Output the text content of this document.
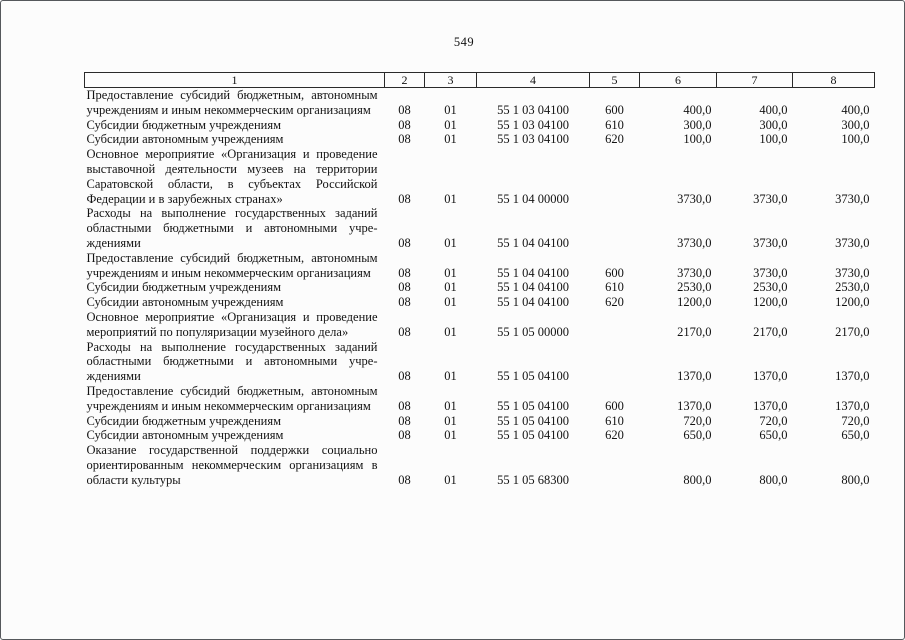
549
1	2	3	4	5	6	7	8
Предоставление субсидий бюджетным, автономным учреждениям и иным некоммерческим организациям	08	01	55 1 03 04100	600	400,0	400,0	400,0
Субсидии бюджетным учреждениям	08	01	55 1 03 04100	610	300,0	300,0	300,0
Субсидии автономным учреждениям	08	01	55 1 03 04100	620	100,0	100,0	100,0
Основное мероприятие «Организация и проведение выставочной деятельности музеев на территории Саратовской области, в субъектах Российской Федерации и в зарубежных странах»	08	01	55 1 04 00000		3730,0	3730,0	3730,0
Расходы на выполнение государственных заданий областными бюджетными и автономными учреждениями	08	01	55 1 04 04100		3730,0	3730,0	3730,0
Предоставление субсидий бюджетным, автономным учреждениям и иным некоммерческим организациям	08	01	55 1 04 04100	600	3730,0	3730,0	3730,0
Субсидии бюджетным учреждениям	08	01	55 1 04 04100	610	2530,0	2530,0	2530,0
Субсидии автономным учреждениям	08	01	55 1 04 04100	620	1200,0	1200,0	1200,0
Основное мероприятие «Организация и проведение мероприятий по популяризации музейного дела»	08	01	55 1 05 00000		2170,0	2170,0	2170,0
Расходы на выполнение государственных заданий областными бюджетными и автономными учреждениями	08	01	55 1 05 04100		1370,0	1370,0	1370,0
Предоставление субсидий бюджетным, автономным учреждениям и иным некоммерческим организациям	08	01	55 1 05 04100	600	1370,0	1370,0	1370,0
Субсидии бюджетным учреждениям	08	01	55 1 05 04100	610	720,0	720,0	720,0
Субсидии автономным учреждениям	08	01	55 1 05 04100	620	650,0	650,0	650,0
Оказание государственной поддержки социально ориентированным некоммерческим организациям в области культуры	08	01	55 1 05 68300		800,0	800,0	800,0
